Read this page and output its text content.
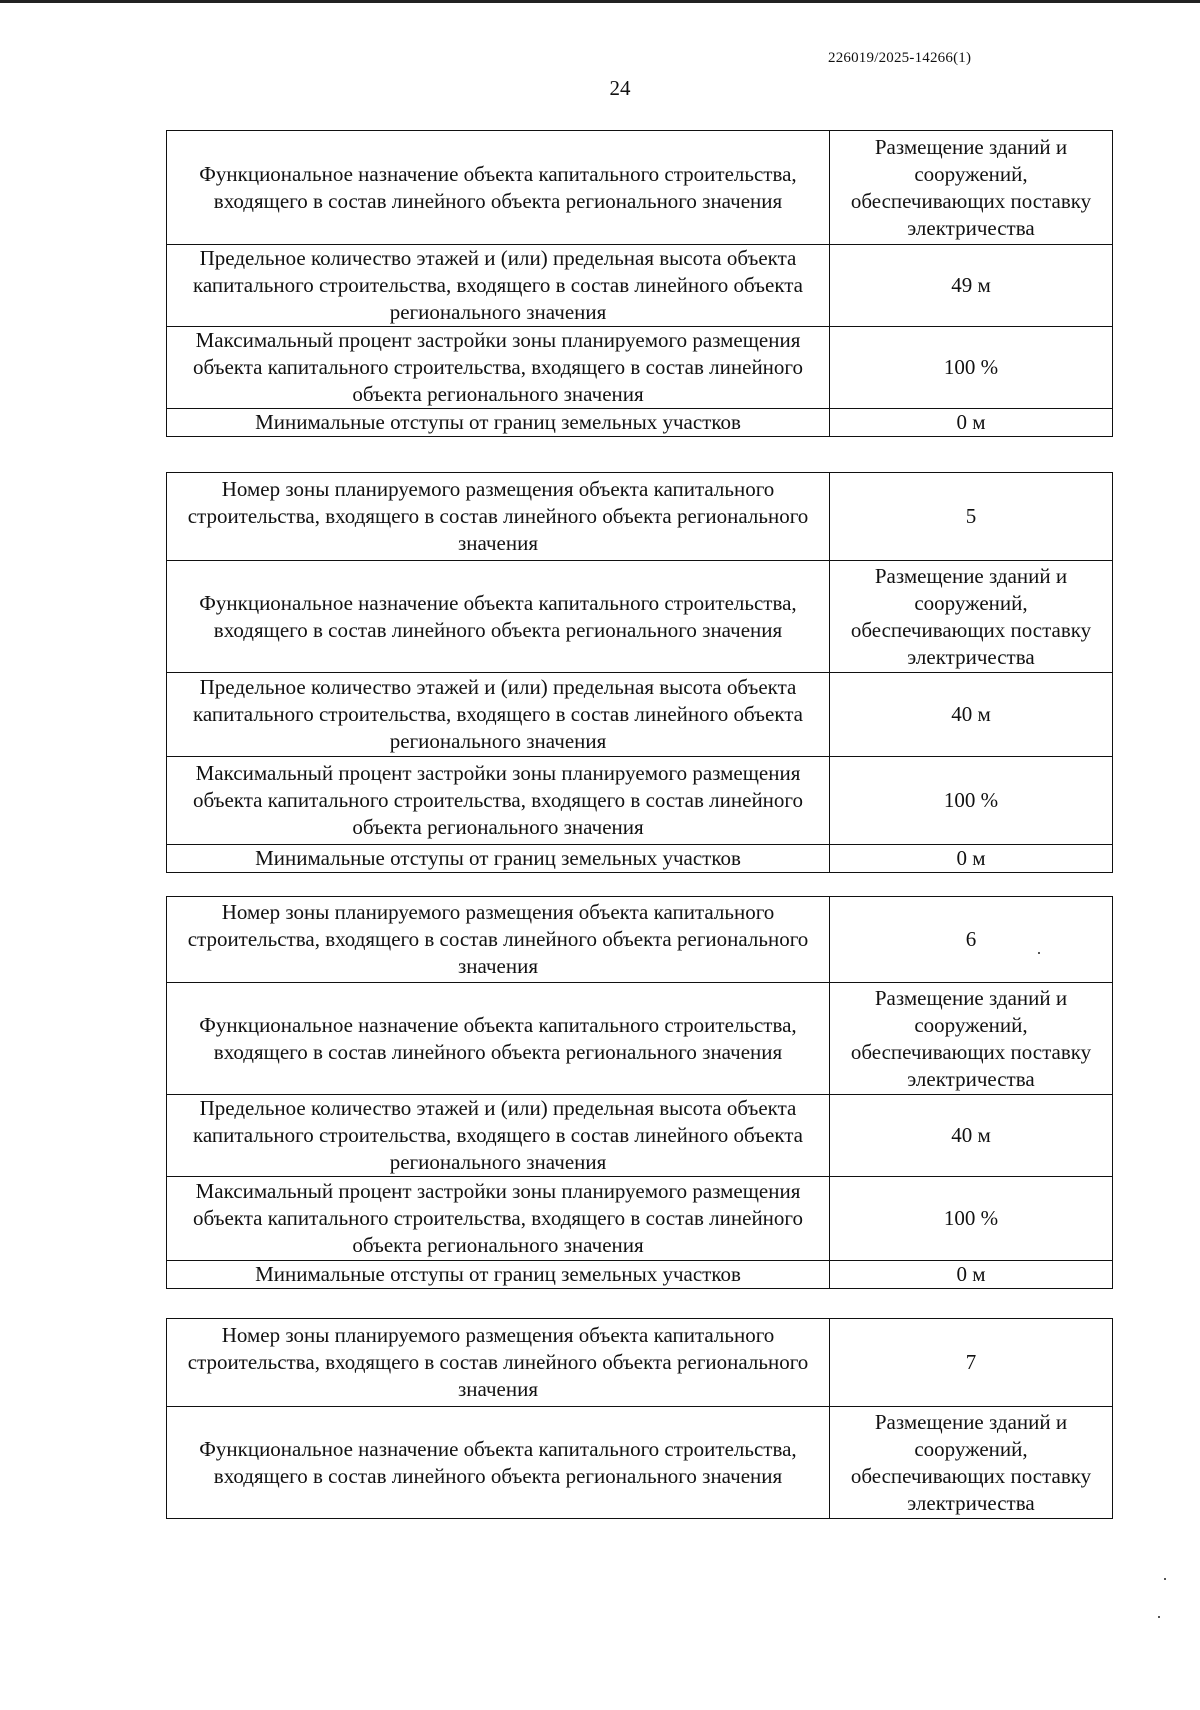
226019/2025-14266(1)
24
Функциональное назначение объекта капитального строительства, входящего в состав линейного объекта регионального значения	Размещение зданий и сооружений, обеспечивающих поставку электричества
Предельное количество этажей и (или) предельная высота объекта капитального строительства, входящего в состав линейного объекта регионального значения	49 м
Максимальный процент застройки зоны планируемого размещения объекта капитального строительства, входящего в состав линейного объекта регионального значения	100 %
Минимальные отступы от границ земельных участков	0 м
Номер зоны планируемого размещения объекта капитального строительства, входящего в состав линейного объекта регионального значения	5
Функциональное назначение объекта капитального строительства, входящего в состав линейного объекта регионального значения	Размещение зданий и сооружений, обеспечивающих поставку электричества
Предельное количество этажей и (или) предельная высота объекта капитального строительства, входящего в состав линейного объекта регионального значения	40 м
Максимальный процент застройки зоны планируемого размещения объекта капитального строительства, входящего в состав линейного объекта регионального значения	100 %
Минимальные отступы от границ земельных участков	0 м
Номер зоны планируемого размещения объекта капитального строительства, входящего в состав линейного объекта регионального значения	6
Функциональное назначение объекта капитального строительства, входящего в состав линейного объекта регионального значения	Размещение зданий и сооружений, обеспечивающих поставку электричества
Предельное количество этажей и (или) предельная высота объекта капитального строительства, входящего в состав линейного объекта регионального значения	40 м
Максимальный процент застройки зоны планируемого размещения объекта капитального строительства, входящего в состав линейного объекта регионального значения	100 %
Минимальные отступы от границ земельных участков	0 м
Номер зоны планируемого размещения объекта капитального строительства, входящего в состав линейного объекта регионального значения	7
Функциональное назначение объекта капитального строительства, входящего в состав линейного объекта регионального значения	Размещение зданий и сооружений, обеспечивающих поставку электричества
